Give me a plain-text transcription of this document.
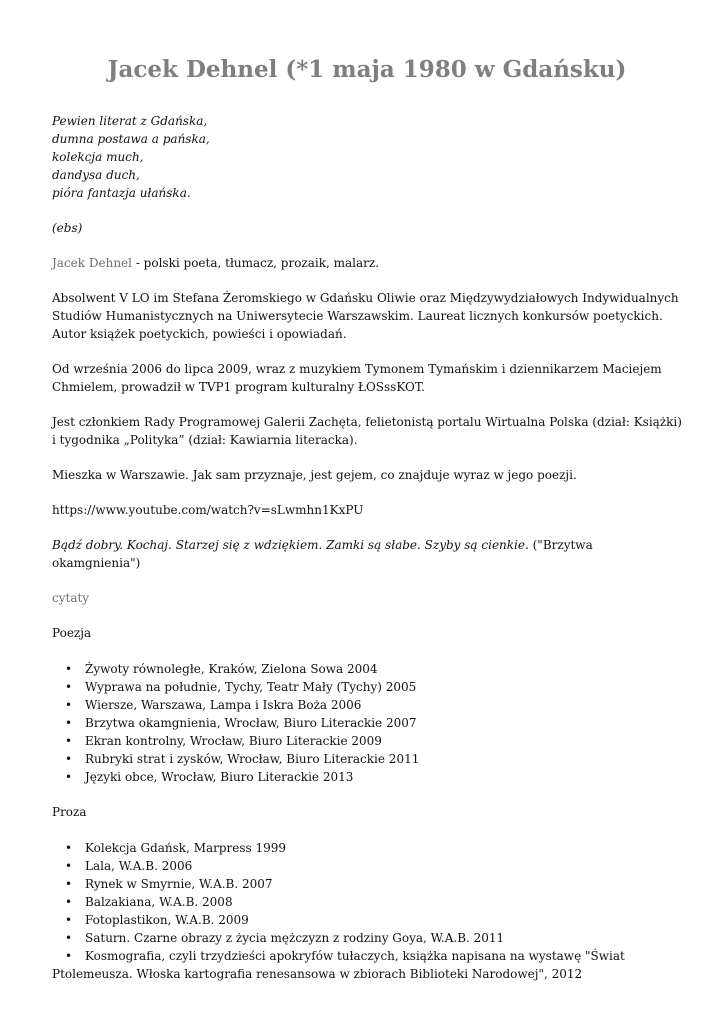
Jacek Dehnel (*1 maja 1980 w Gdańsku)
Pewien literat z Gdańska,
dumna postawa a pańska,
kolekcja much,
dandysa duch,
pióra fantazja ułańska.

(ebs)

Jacek Dehnel - polski poeta, tłumacz, prozaik, malarz.

Absolwent V LO im Stefana Żeromskiego w Gdańsku Oliwie oraz Międzywydziałowych Indywidualnych Studiów Humanistycznych na Uniwersytecie Warszawskim. Laureat licznych konkursów poetyckich. Autor książek poetyckich, powieści i opowiadań.

Od września 2006 do lipca 2009, wraz z muzykiem Tymonem Tymańskim i dziennikarzem Maciejem Chmielem, prowadził w TVP1 program kulturalny ŁOSssKOT.

Jest członkiem Rady Programowej Galerii Zachęta, felietonistą portalu Wirtualna Polska (dział: Książki) i tygodnika „Polityka” (dział: Kawiarnia literacka).

Mieszka w Warszawie. Jak sam przyznaje, jest gejem, co znajduje wyraz w jego poezji.

https://www.youtube.com/watch?v=sLwmhn1KxPU

Bądź dobry. Kochaj. Starzej się z wdziękiem. Zamki są słabe. Szyby są cienkie. ("Brzytwa okamgnienia")

cytaty

Poezja

• Żywoty równoległe, Kraków, Zielona Sowa 2004
• Wyprawa na południe, Tychy, Teatr Mały (Tychy) 2005
• Wiersze, Warszawa, Lampa i Iskra Boża 2006
• Brzytwa okamgnienia, Wrocław, Biuro Literackie 2007
• Ekran kontrolny, Wrocław, Biuro Literackie 2009
• Rubryki strat i zysków, Wrocław, Biuro Literackie 2011
• Języki obce, Wrocław, Biuro Literackie 2013

Proza

• Kolekcja Gdańsk, Marpress 1999
• Lala, W.A.B. 2006
• Rynek w Smyrnie, W.A.B. 2007
• Balzakiana, W.A.B. 2008
• Fotoplastikon, W.A.B. 2009
• Saturn. Czarne obrazy z życia mężczyzn z rodziny Goya, W.A.B. 2011
• Kosmografia, czyli trzydzieści apokryfów tułaczych, książka napisana na wystawę "Świat Ptolemeusza. Włoska kartografia renesansowa w zbiorach Biblioteki Narodowej", 2012
